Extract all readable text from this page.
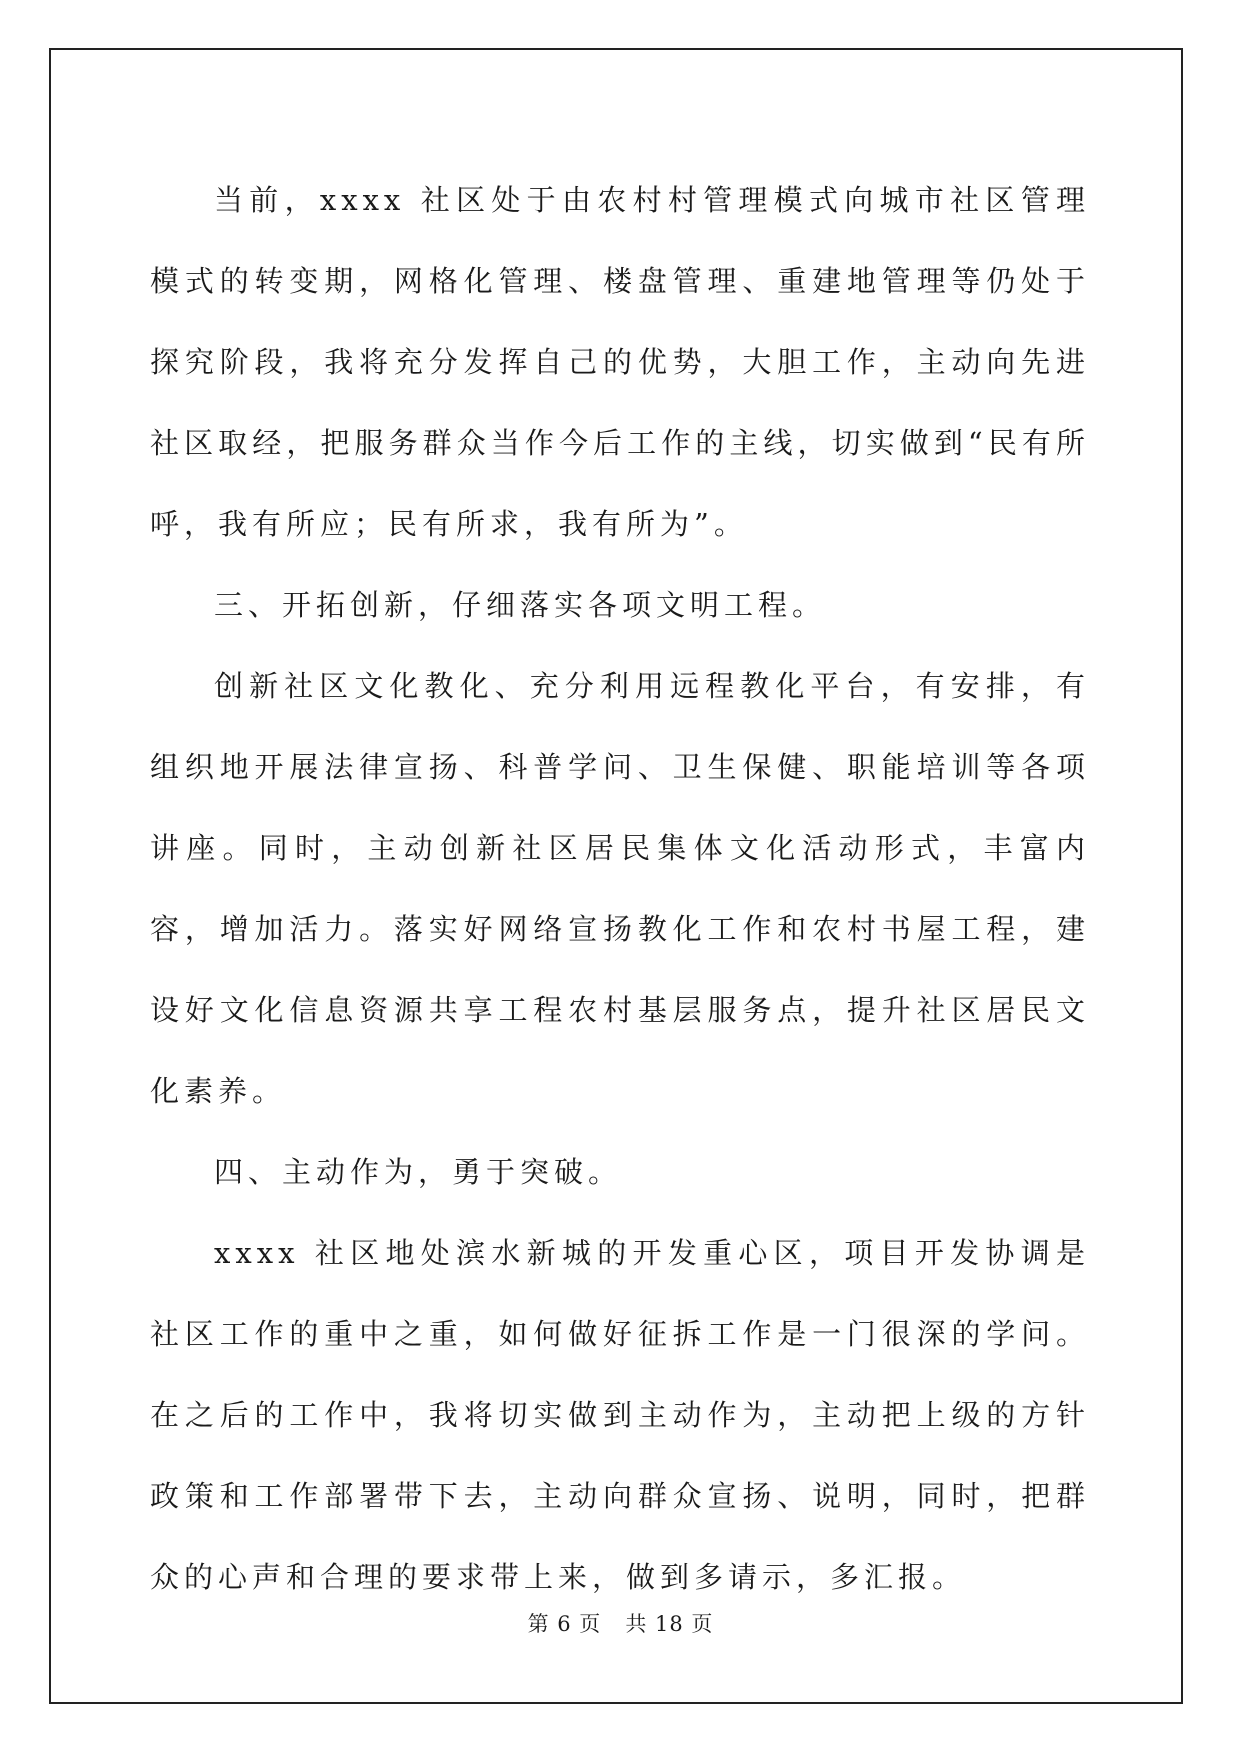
当前，xxxx 社区处于由农村村管理模式向城市社区管理模式的转变期，网格化管理、楼盘管理、重建地管理等仍处于探究阶段，我将充分发挥自己的优势，大胆工作，主动向先进社区取经，把服务群众当作今后工作的主线，切实做到“民有所呼，我有所应；民有所求，我有所为”。

三、开拓创新，仔细落实各项文明工程。

创新社区文化教化、充分利用远程教化平台，有安排，有组织地开展法律宣扬、科普学问、卫生保健、职能培训等各项讲座。同时，主动创新社区居民集体文化活动形式，丰富内容，增加活力。落实好网络宣扬教化工作和农村书屋工程，建设好文化信息资源共享工程农村基层服务点，提升社区居民文化素养。

四、主动作为，勇于突破。

xxxx 社区地处滨水新城的开发重心区，项目开发协调是社区工作的重中之重，如何做好征拆工作是一门很深的学问。在之后的工作中，我将切实做到主动作为，主动把上级的方针政策和工作部署带下去，主动向群众宣扬、说明，同时，把群众的心声和合理的要求带上来，做到多请示，多汇报。

第 6 页 共 18 页
